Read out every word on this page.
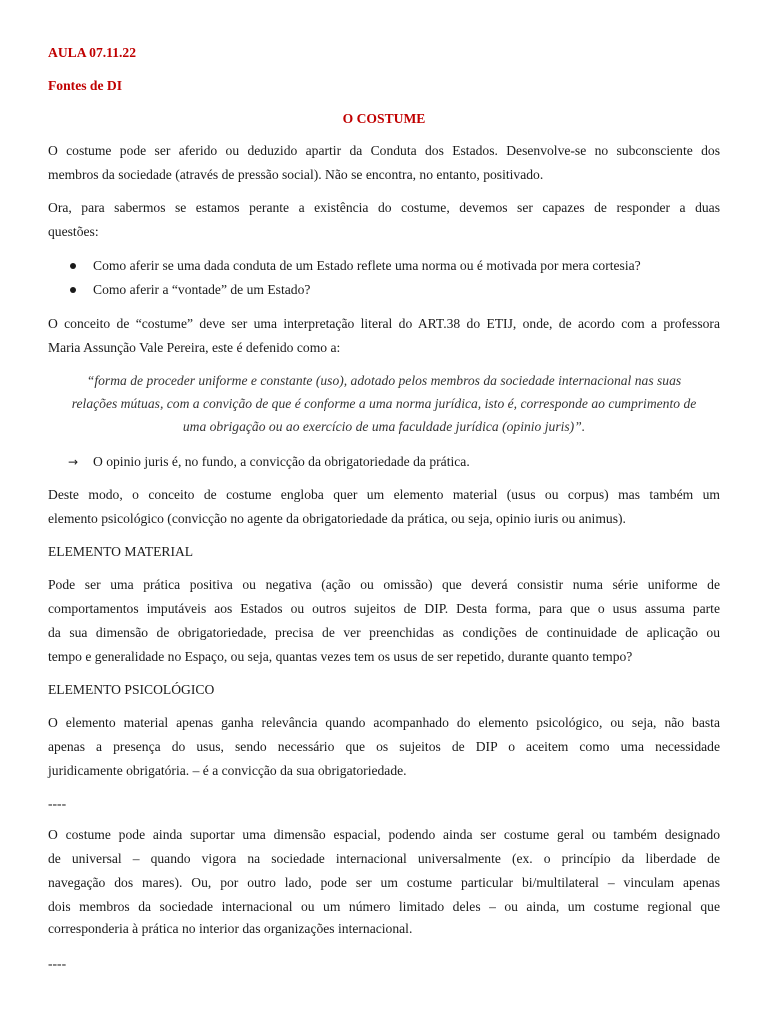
AULA 07.11.22

Fontes de DI

O COSTUME

O costume pode ser aferido ou deduzido apartir da Conduta dos Estados. Desenvolve-se no subconsciente dos

membros da sociedade (através de pressão social). Não se encontra, no entanto, positivado.

Ora, para sabermos se estamos perante a existência do costume, devemos ser capazes de responder a duas

questões:

Como aferir se uma dada conduta de um Estado reflete uma norma ou é motivada por mera cortesia?

Como aferir a “vontade” de um Estado?

O conceito de “costume” deve ser uma interpretação literal do ART.38 do ETIJ, onde, de acordo com a professora

Maria Assunção Vale Pereira, este é defenido como a:

“forma de proceder uniforme e constante (uso), adotado pelos membros da sociedade internacional nas suas

relações mútuas, com a convição de que é conforme a uma norma jurídica, isto é, corresponde ao cumprimento de

uma obrigação ou ao exercício de uma faculdade jurídica (opinio juris)”.

→ O opinio juris é, no fundo, a convicção da obrigatoriedade da prática.

Deste modo, o conceito de costume engloba quer um elemento material (usus ou corpus) mas também um

elemento psicológico (convicção no agente da obrigatoriedade da prática, ou seja, opinio iuris ou animus).

ELEMENTO MATERIAL

Pode ser uma prática positiva ou negativa (ação ou omissão) que deverá consistir numa série uniforme de

comportamentos imputáveis aos Estados ou outros sujeitos de DIP. Desta forma, para que o usus assuma parte

da sua dimensão de obrigatoriedade, precisa de ver preenchidas as condições de continuidade de aplicação ou

tempo e generalidade no Espaço, ou seja, quantas vezes tem os usus de ser repetido, durante quanto tempo?

ELEMENTO PSICOLÓGICO

O elemento material apenas ganha relevância quando acompanhado do elemento psicológico, ou seja, não basta

apenas a presença do usus, sendo necessário que os sujeitos de DIP o aceitem como uma necessidade

juridicamente obrigatória. – é a convicção da sua obrigatoriedade.

----

O costume pode ainda suportar uma dimensão espacial, podendo ainda ser costume geral ou também designado

de universal – quando vigora na sociedade internacional universalmente (ex. o princípio da liberdade de

navegação dos mares). Ou, por outro lado, pode ser um costume particular bi/multilateral – vinculam apenas

dois membros da sociedade internacional ou um número limitado deles – ou ainda, um costume regional que

corresponderia à prática no interior das organizações internacional.

----
